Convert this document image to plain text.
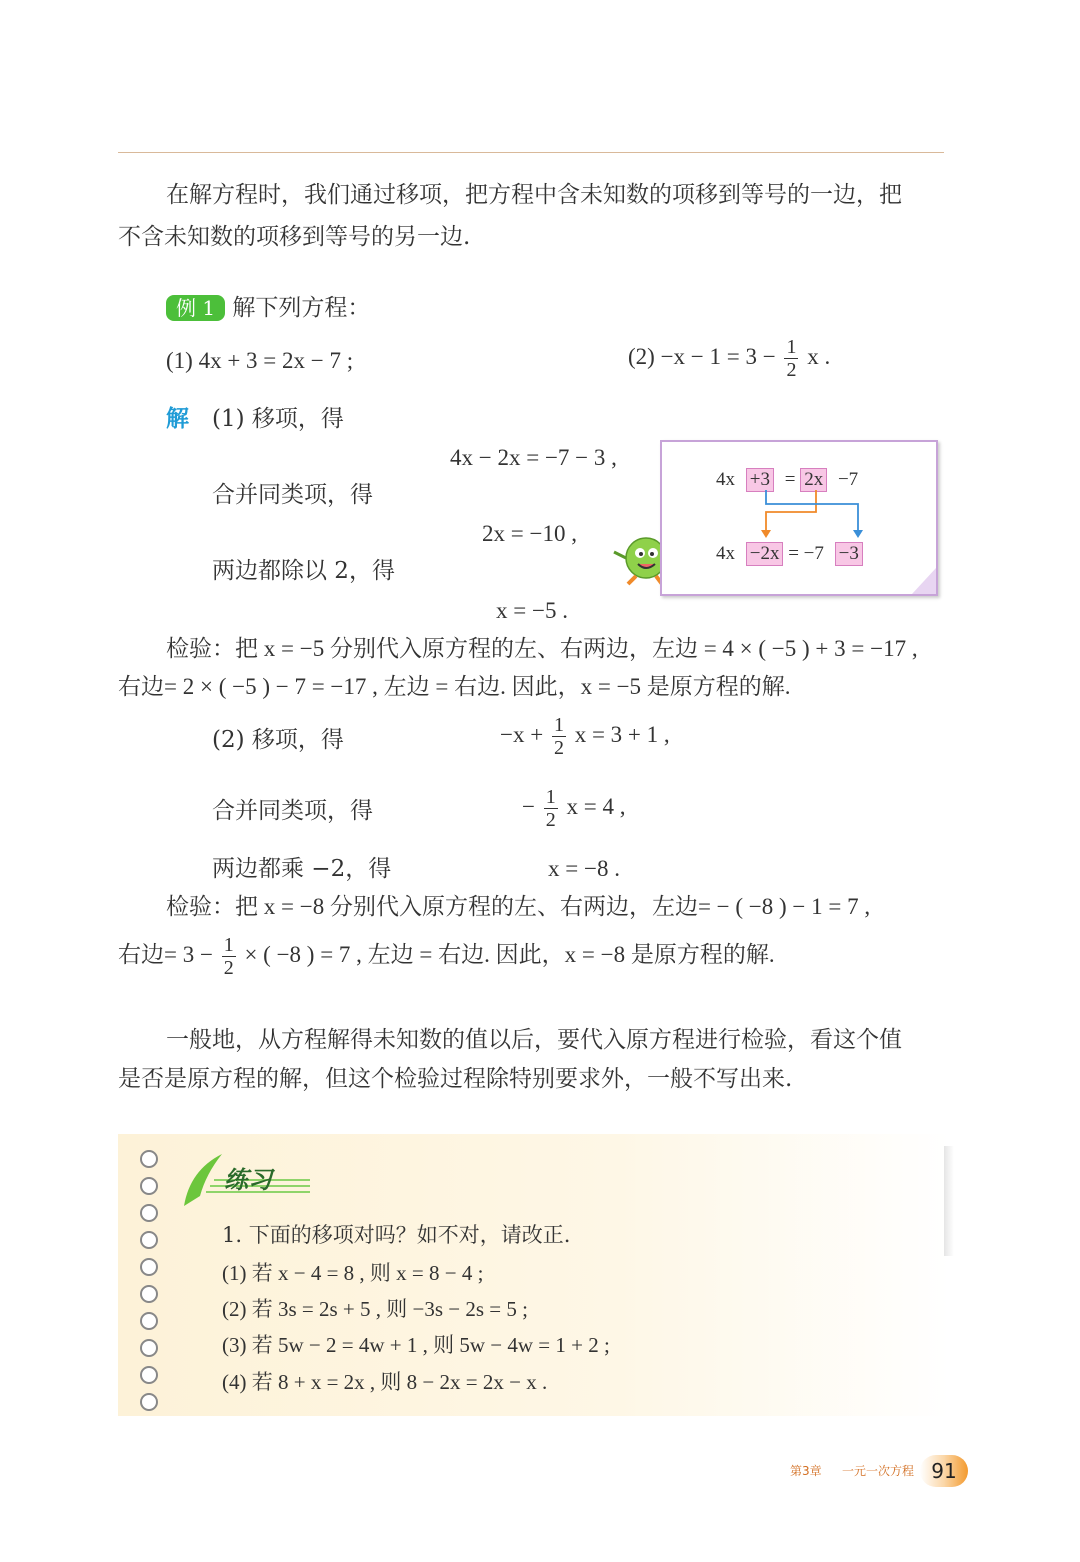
在解方程时，我们通过移项，把方程中含未知数的项移到等号的一边，把
不含未知数的项移到等号的另一边.
例 1 解下列方程：
(1) 4x + 3 = 2x − 7 ;	$(2) -x - 1 = 3 - \frac{1}{2}$ x .
解 (1) 移项，得
4x − 2x = −7 − 3 ,
合并同类项，得
2x = −10 ,
两边都除以 2，得
x = −5 .
4x +3 = 2x −7
4x −2x = −7 −3
检验：把 x = −5 分别代入原方程的左、右两边，左边 = 4 × ( −5 ) + 3 = −17 ,
右边= 2 × ( −5 ) − 7 = −17 , 左边 = 右边. 因此，x = −5 是原方程的解.
(2) 移项，得	$-x + \frac{1}{2}$ x = 3 + 1 ,
合并同类项，得	− $\frac{1}{2}$ x = 4 ,
两边都乘 −2，得	x = −8 .
检验：把 x = −8 分别代入原方程的左、右两边，左边= − ( −8 ) − 1 = 7 ,
右边= $3 - \frac{1}{2}$ × ( −8 ) = 7 , 左边 = 右边. 因此，x = −8 是原方程的解.
一般地，从方程解得未知数的值以后，要代入原方程进行检验，看这个值
是否是原方程的解，但这个检验过程除特别要求外，一般不写出来.
练习
1. 下面的移项对吗？如不对，请改正.
(1) 若 x − 4 = 8 , 则 x = 8 − 4 ;
(2) 若 3s = 2s + 5 , 则 −3s − 2s = 5 ;
(3) 若 5w − 2 = 4w + 1 , 则 5w − 4w = 1 + 2 ;
(4) 若 8 + x = 2x , 则 8 − 2x = 2x − x .
第3章 一元一次方程 91
